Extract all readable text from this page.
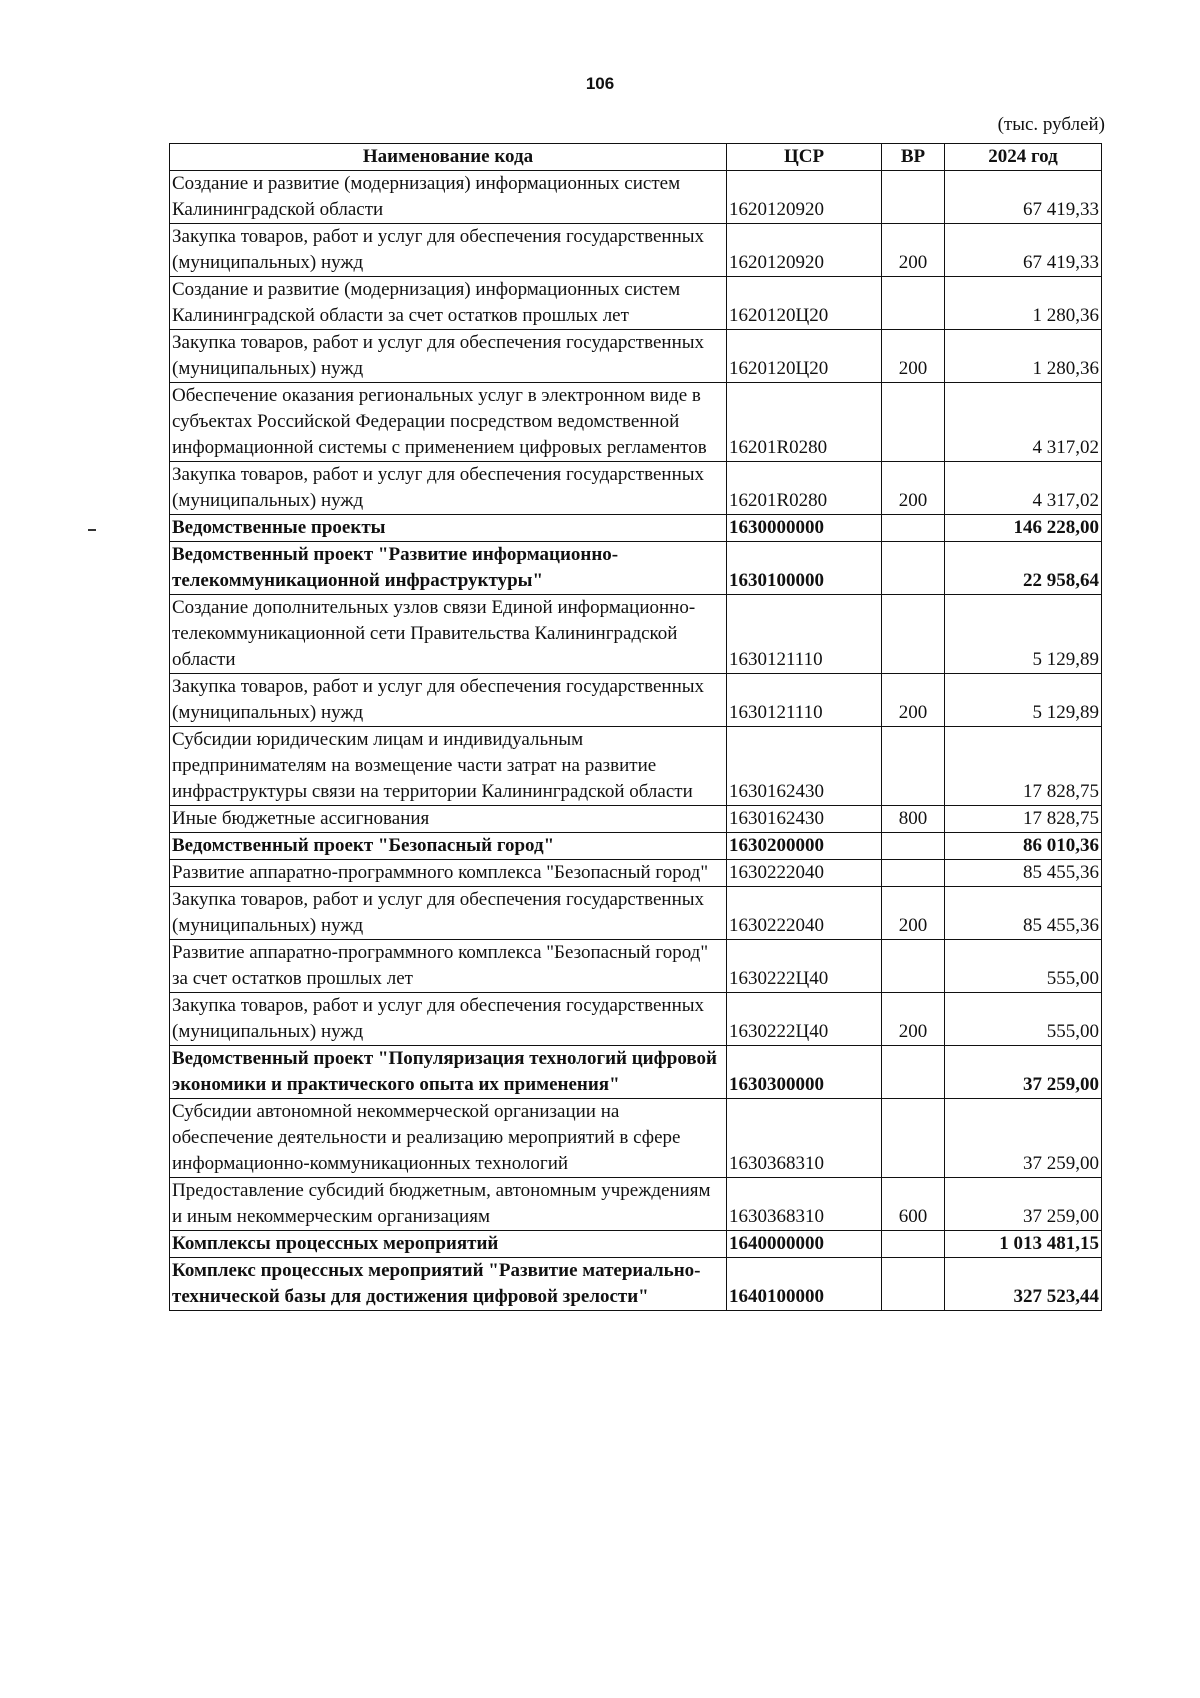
106
(тыс. рублей)
Наименование кода	ЦСР	ВР	2024 год
Создание и развитие (модернизация) информационных систем Калининградской области	1620120920		67 419,33
Закупка товаров, работ и услуг для обеспечения государственных (муниципальных) нужд	1620120920	200	67 419,33
Создание и развитие (модернизация) информационных систем Калининградской области за счет остатков прошлых лет	1620120Ц20		1 280,36
Закупка товаров, работ и услуг для обеспечения государственных (муниципальных) нужд	1620120Ц20	200	1 280,36
Обеспечение оказания региональных услуг в электронном виде в субъектах Российской Федерации посредством ведомственной информационной системы с применением цифровых регламентов	16201R0280		4 317,02
Закупка товаров, работ и услуг для обеспечения государственных (муниципальных) нужд	16201R0280	200	4 317,02
Ведомственные проекты	1630000000		146 228,00
Ведомственный проект "Развитие информационно-телекоммуникационной инфраструктуры"	1630100000		22 958,64
Создание дополнительных узлов связи Единой информационно-телекоммуникационной сети Правительства Калининградской области	1630121110		5 129,89
Закупка товаров, работ и услуг для обеспечения государственных (муниципальных) нужд	1630121110	200	5 129,89
Субсидии юридическим лицам и индивидуальным предпринимателям на возмещение части затрат на развитие инфраструктуры связи на территории Калининградской области	1630162430		17 828,75
Иные бюджетные ассигнования	1630162430	800	17 828,75
Ведомственный проект "Безопасный город"	1630200000		86 010,36
Развитие аппаратно-программного комплекса "Безопасный город"	1630222040		85 455,36
Закупка товаров, работ и услуг для обеспечения государственных (муниципальных) нужд	1630222040	200	85 455,36
Развитие аппаратно-программного комплекса "Безопасный город" за счет остатков прошлых лет	1630222Ц40		555,00
Закупка товаров, работ и услуг для обеспечения государственных (муниципальных) нужд	1630222Ц40	200	555,00
Ведомственный проект "Популяризация технологий цифровой экономики и практического опыта их применения"	1630300000		37 259,00
Субсидии автономной некоммерческой организации на обеспечение деятельности и реализацию мероприятий в сфере информационно-коммуникационных технологий	1630368310		37 259,00
Предоставление субсидий бюджетным, автономным учреждениям и иным некоммерческим организациям	1630368310	600	37 259,00
Комплексы процессных мероприятий	1640000000		1 013 481,15
Комплекс процессных мероприятий "Развитие материально-технической базы для достижения цифровой зрелости"	1640100000		327 523,44
